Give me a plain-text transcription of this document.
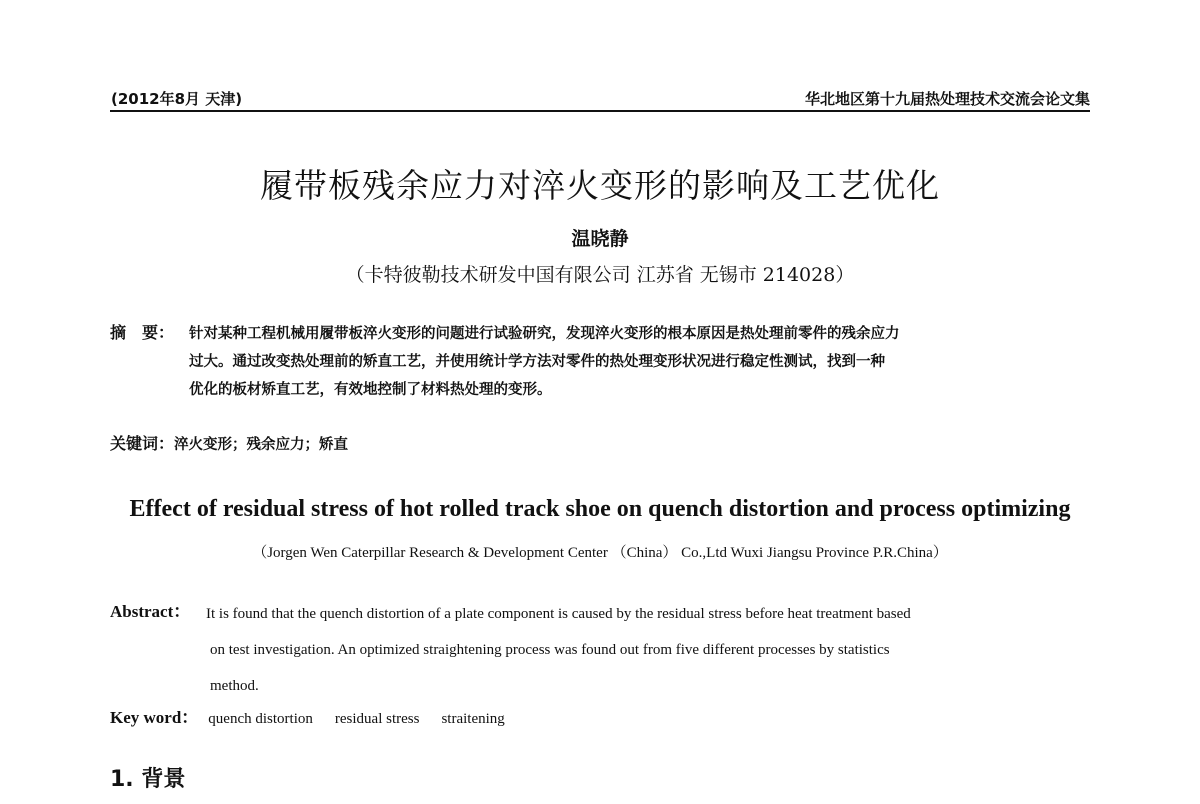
(2012年8月 天津)	华北地区第十九届热处理技术交流会论文集
履带板残余应力对淬火变形的影响及工艺优化
温晓静
（卡特彼勒技术研发中国有限公司 江苏省 无锡市 214028）
摘　要： 针对某种工程机械用履带板淬火变形的问题进行试验研究，发现淬火变形的根本原因是热处理前零件的残余应力
过大。通过改变热处理前的矫直工艺，并使用统计学方法对零件的热处理变形状况进行稳定性测试，找到一种
优化的板材矫直工艺，有效地控制了材料热处理的变形。
关键词：淬火变形；残余应力；矫直
Effect of residual stress of hot rolled track shoe on quench distortion and process optimizing
（Jorgen Wen Caterpillar Research & Development Center （China） Co.,Ltd Wuxi Jiangsu Province P.R.China）
Abstract： It is found that the quench distortion of a plate component is caused by the residual stress before heat treatment based
on test investigation. An optimized straightening process was found out from five different processes by statistics
method.
Key word： quench distortion residual stress straitening
1. 背景
